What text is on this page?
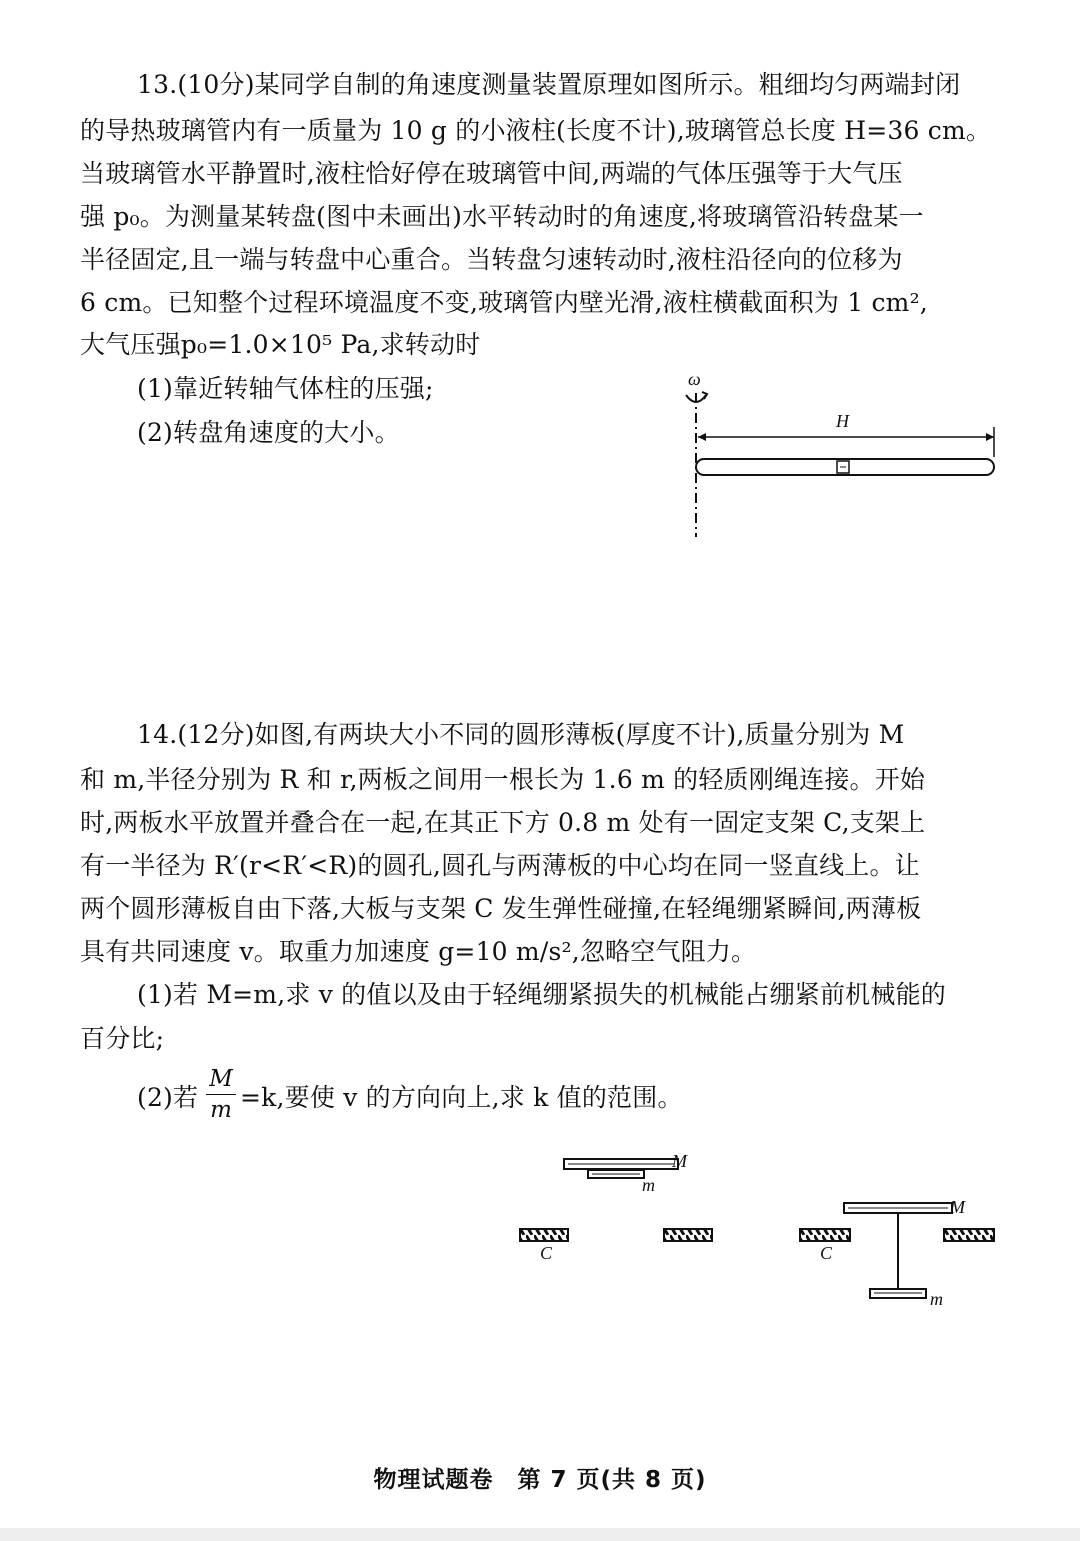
13.(10分)某同学自制的角速度测量装置原理如图所示。粗细均匀两端封闭
的导热玻璃管内有一质量为 10 g 的小液柱(长度不计),玻璃管总长度 H=36 cm。
当玻璃管水平静置时,液柱恰好停在玻璃管中间,两端的气体压强等于大气压
强 p₀。为测量某转盘(图中未画出)水平转动时的角速度,将玻璃管沿转盘某一
半径固定,且一端与转盘中心重合。当转盘匀速转动时,液柱沿径向的位移为
6 cm。已知整个过程环境温度不变,玻璃管内壁光滑,液柱横截面积为 1 cm²,
大气压强p₀=1.0×10⁵ Pa,求转动时
(1)靠近转轴气体柱的压强;
(2)转盘角速度的大小。
ω
H
14.(12分)如图,有两块大小不同的圆形薄板(厚度不计),质量分别为 M
和 m,半径分别为 R 和 r,两板之间用一根长为 1.6 m 的轻质刚绳连接。开始
时,两板水平放置并叠合在一起,在其正下方 0.8 m 处有一固定支架 C,支架上
有一半径为 R′(r<R′<R)的圆孔,圆孔与两薄板的中心均在同一竖直线上。让
两个圆形薄板自由下落,大板与支架 C 发生弹性碰撞,在轻绳绷紧瞬间,两薄板
具有共同速度 v。取重力加速度 g=10 m/s²,忽略空气阻力。
(1)若 M=m,求 v 的值以及由于轻绳绷紧损失的机械能占绷紧前机械能的
百分比;
(2)若
M
m =k,要使 v 的方向向上,求 k 值的范围。
M
m
C
M
m
C
物理试题卷　第 7 页(共 8 页)
